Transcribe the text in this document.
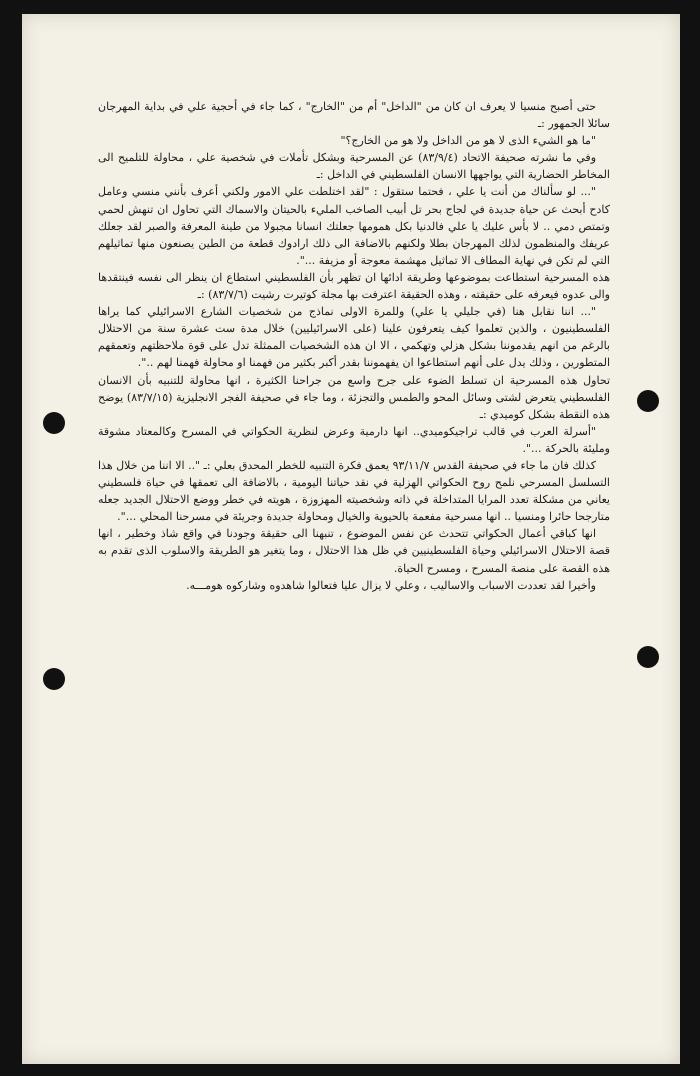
حتى أصبح منسيا لا يعرف ان كان من "الداخل" أم من "الخارج" ، كما جاء في أحجية علي في بداية المهرجان سائلا الجمهور :ـ

"ما هو الشيء الذى لا هو من الداخل ولا هو من الخارج؟"

وفي ما نشرته صحيفة الاتحاد (٨٣/٩/٤) عن المسرحية وبشكل تأملات في شخصية علي ، محاولة للتلميح الى المخاطر الحضارية التي يواجهها الانسان الفلسطيني في الداخل :ـ

"... لو سألناك من أنت يا علي ، فحتما ستقول : "لقد اختلطت علي الامور ولكني أعرف بأنني منسي وعامل كادح أبحث عن حياة جديدة في لجاج بحر تل أبيب الصاخب المليء بالحيتان والاسماك التي تحاول ان تنهش لحمي وتمتص دمي .. لا بأس عليك يا علي فالدنيا بكل همومها جعلتك انسانا مجبولا من طينة المعرفة والصبر لقد جعلك عريفك والمنظمون لذلك المهرجان بطلا ولكنهم بالاضافة الى ذلك ارادوك قطعة من الطين يصنعون منها تماثيلهم التي لم تكن في نهاية المطاف الا تماثيل مهشمة معوجة أو مزيفة ...".

هذه المسرحية استطاعت بموضوعها وطريقة ادائها ان تظهر بأن الفلسطيني استطاع ان ينظر الى نفسه فينتقدها والى عدوه فيعرفه على حقيقته ، وهذه الحقيقة اعترفت بها مجلة كوتيرت رشيت (٨٣/٧/٦) :ـ

"... اننا نقابل هنا (في جليلي يا علي) وللمرة الاولى نماذج من شخصيات الشارع الاسرائيلي كما يراها الفلسطينيون ، والذين تعلموا كيف يتعرفون علينا (على الاسرائيليين) خلال مدة ست عشرة سنة من الاحتلال بالرغم من انهم يقدموننا بشكل هزلي وتهكمي ، الا ان هذه الشخصيات الممثلة تدل على قوة ملاحظتهم وتعمقهم المتطورين ، وذلك يدل على أنهم استطاعوا ان يفهموننا بقدر أكبر بكثير من فهمنا او محاولة فهمنا لهم ..".

تحاول هذه المسرحية ان تسلط الضوء على جرح واسع من جراحنا الكثيرة ، انها محاولة للتنبيه بأن الانسان الفلسطيني يتعرض لشتى وسائل المحو والطمس والتجزئة ، وما جاء في صحيفة الفجر الانجليزية (٨٣/٧/١٥) يوضح هذه النقطة بشكل كوميدي :ـ

"أسرلة العرب في قالب تراجيكوميدي.. انها دارمية وعرض لنظرية الحكواتي في المسرح وكالمعتاد مشوقة ومليئة بالحركة ...".

كذلك فان ما جاء في صحيفة القدس ٩٣/١١/٧ يعمق فكرة التنبيه للخطر المحدق بعلي :ـ ".. الا اننا من خلال هذا التسلسل المسرحي نلمح روح الحكواتي الهزلية في نقد حياتنا اليومية ، بالاضافة الى تعمقها في حياة فلسطيني يعاني من مشكلة تعدد المرايا المتداخلة في ذاته وشخصيته المهزوزة ، هويته في خطر ووضع الاحتلال الجديد جعله متارجحا حائرا ومنسيا .. انها مسرحية مفعمة بالحيوية والخيال ومحاولة جديدة وجريئة في مسرحنا المحلي ...".

انها كباقي أعمال الحكواتي تتحدث عن نفس الموضوع ، تنبهنا الى حقيقة وجودنا في واقع شاذ وخطير ، انها قصة الاحتلال الاسرائيلي وحياة الفلسطينيين في ظل هذا الاحتلال ، وما يتغير هو الطريقة والاسلوب الذى تقدم به هذه القصة على منصة المسرح ، ومسرح الحياة.

وأخيرا لقد تعددت الاسباب والاساليب ، وعلي لا يزال عليا فتعالوا شاهدوه وشاركوه هومـــه.
